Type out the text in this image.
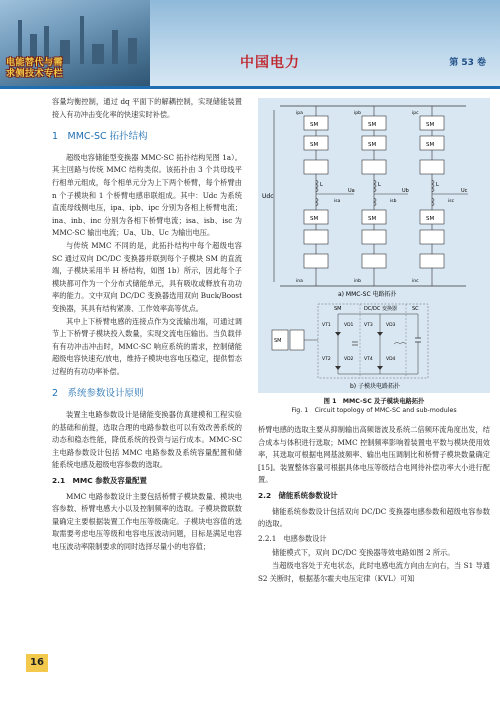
电能替代与需
求侧技术专栏
中国电力	第 53 卷

容量均衡控制，通过 dq 平面下的解耦控制，实现储能装置接入有功冲击变化率的快速实时补偿。

1　MMC-SC 拓扑结构

超级电容储能型变换器 MMC-SC 拓扑结构见图 1a）。其主回路与传统 MMC 结构类似。该拓扑由 3 个共母线平行相单元组成，每个相单元分为上下两个桥臂，每个桥臂由 n 个子模块和 1 个桥臂电感串联组成。其中：Udc 为系统直流母线侧电压，ipa、ipb、ipc 分别为各相上桥臂电流；ina、inb、inc 分别为各相下桥臂电流；isa、isb、isc 为 MMC-SC 输出电流；Ua、Ub、Uc 为输出电压。

与传统 MMC 不同的是，此拓扑结构中每个超级电容 SC 通过双向 DC/DC 变换器并联到每个子模块 SM 的直流端，子模块采用半 H 桥结构，如图 1b）所示，因此每个子模块都可作为一个分布式储能单元，具有吸收或释放有功功率的能力。文中双向 DC/DC 变换器选用双向 Buck/Boost 变换器，其具有结构紧凑、工作效率高等优点。

其中上下桥臂电感的连接点作为交流输出端，可通过调节上下桥臂子模块投入数量，实现交流电压输出。当负载伴有有功冲击冲击时，MMC-SC 响应系统的需求，控制储能超级电容快速充/放电，维持子模块电容电压稳定，提供暂态过程的有功功率补偿。

2　系统参数设计原则

装置主电路参数设计是储能变换器仿真建模和工程实验的基础和前提，选取合理的电路参数也可以有效改善系统的动态和稳态性能，降低系统的投资与运行成本。MMC-SC 主电路参数设计包括 MMC 电路参数及系统容量配置和储能系统电感及超级电容参数的选取。

2.1　MMC 参数及容量配置

MMC 电路参数设计主要包括桥臂子模块数量、模块电容参数、桥臂电感大小以及控制频率的选取。子模块微联数量确定主要根据装置工作电压等级确定。子模块电容值的选取需要考虑电压等级和电容电压波动问题，目标是满足电容电压波动率限制要求的同时选择尽量小的电容值；

Udc
SM
SM
SM
SM
SM
SM
SM	SM	SM
L	L	L
Ua	Ub	Uc
ipa	ipb	ipc
ina	inb	inc
isa	isb	isc
a) MMC-SC 电路拓扑
SM	DC/DC 变换器	SC
SM
VT1	VD1
VT2	VD2
VT3	VD3
VT4	VD4
b) 子模块电路拓扑
图 1　MMC-SC 及子模块电路拓扑
Fig. 1　Circuit topology of MMC-SC and sub-modules

桥臂电感的选取主要从抑制输出高频谐波及系统二倍频环流角度出发，结合成本与体积进行选取；MMC 控制频率影响着装置电平数与模块使用效率，其选取可根据电网基波频率、输出电压调制比和桥臂子模块数量确定[15]。装置整体容量可根据具体电压等级结合电网待补偿功率大小进行配置。

2.2　储能系统参数设计

储能系统参数设计包括双向 DC/DC 变换器电感参数和超级电容参数的选取。

2.2.1　电感参数设计

储能模式下，双向 DC/DC 变换器等效电路如图 2 所示。

当超级电容处于充电状态，此时电感电流方向由左向右，当 S1 导通 S2 关断时，根据基尔霍夫电压定律（KVL）可知

16
